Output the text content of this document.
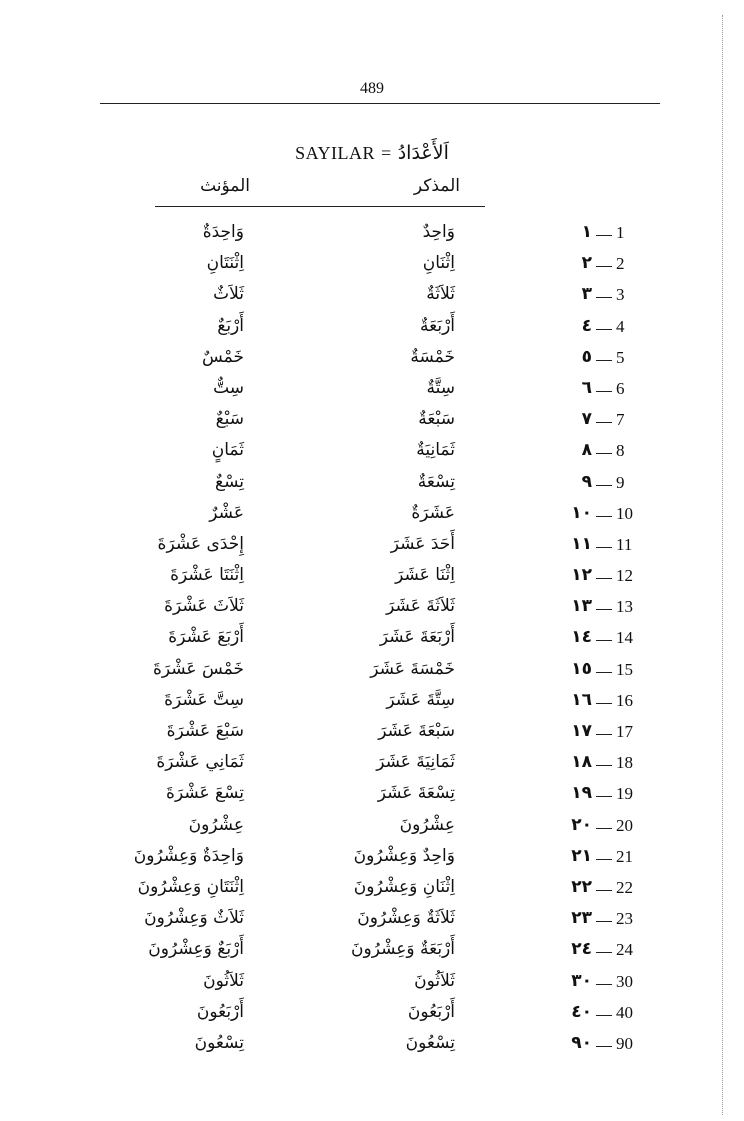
489
SAYILAR = اَلأَعْدَادُ
المذكر
المؤنث
وَاحِدَةٌ	وَاحِدٌ	١ 1
اِثْنَتَانِ	اِثْنَانِ	٢ 2
ثَلاَثٌ	ثَلاَثَةٌ	٣ 3
أَرْبَعٌ	أَرْبَعَةٌ	٤ 4
خَمْسٌ	خَمْسَةٌ	٥ 5
سِتٌّ	سِتَّةٌ	٦ 6
سَبْعٌ	سَبْعَةٌ	٧ 7
ثَمَانٍ	ثَمَانِيَةٌ	٨ 8
تِسْعٌ	تِسْعَةٌ	٩ 9
عَشْرٌ	عَشَرَةٌ	١٠ 10
إِحْدَى عَشْرَةَ	أَحَدَ عَشَرَ	١١ 11
اِثْنَتَا عَشْرَةَ	اِثْنَا عَشَرَ	١٢ 12
ثَلاَثَ عَشْرَةَ	ثَلاَثَةَ عَشَرَ	١٣ 13
أَرْبَعَ عَشْرَةَ	أَرْبَعَةَ عَشَرَ	١٤ 14
خَمْسَ عَشْرَةَ	خَمْسَةَ عَشَرَ	١٥ 15
سِتَّ عَشْرَةَ	سِتَّةَ عَشَرَ	١٦ 16
سَبْعَ عَشْرَةَ	سَبْعَةَ عَشَرَ	١٧ 17
ثَمَانِي عَشْرَةَ	ثَمَانِيَةَ عَشَرَ	١٨ 18
تِسْعَ عَشْرَةَ	تِسْعَةَ عَشَرَ	١٩ 19
عِشْرُونَ	عِشْرُونَ	٢٠ 20
وَاحِدَةٌ وَعِشْرُونَ	وَاحِدٌ وَعِشْرُونَ	٢١ 21
اِثْنَتَانِ وَعِشْرُونَ	اِثْنَانِ وَعِشْرُونَ	٢٢ 22
ثَلاَثٌ وَعِشْرُونَ	ثَلاَثَةٌ وَعِشْرُونَ	٢٣ 23
أَرْبَعٌ وَعِشْرُونَ	أَرْبَعَةٌ وَعِشْرُونَ	٢٤ 24
ثَلاَثُونَ	ثَلاَثُونَ	٣٠ 30
أَرْبَعُونَ	أَرْبَعُونَ	٤٠ 40
تِسْعُونَ	تِسْعُونَ	٩٠ 90
